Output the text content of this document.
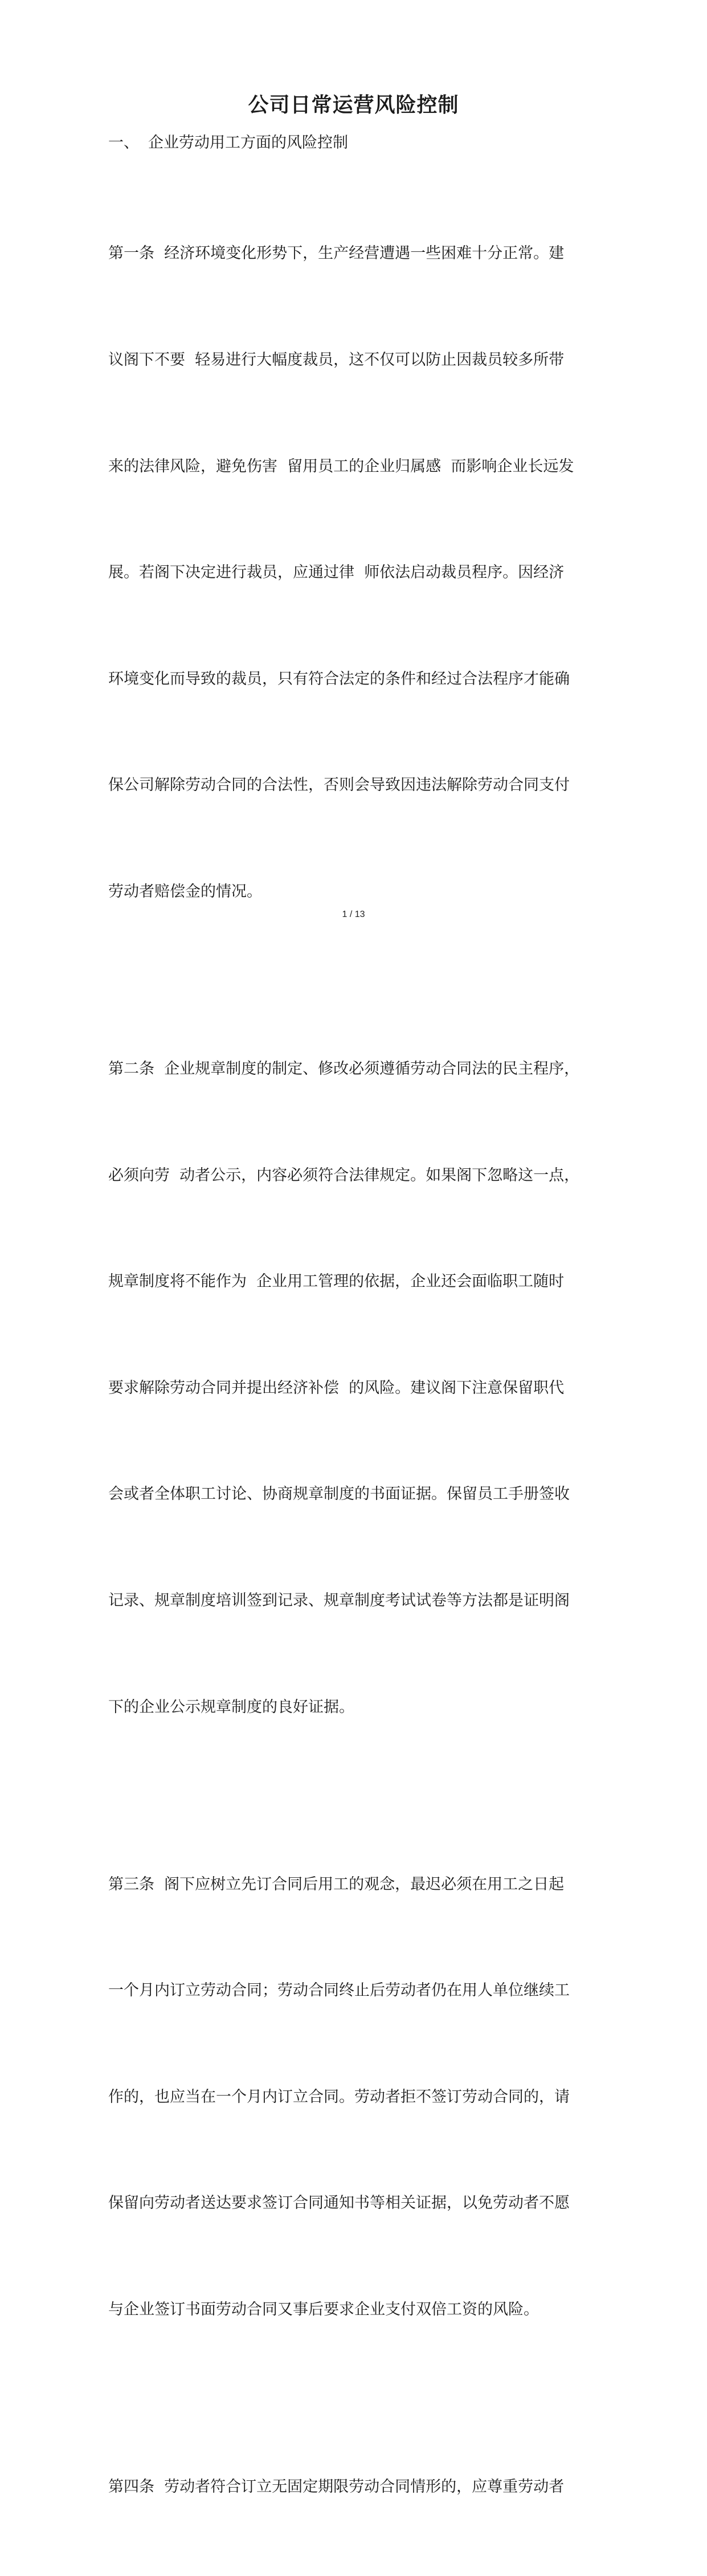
公司日常运营风险控制
一、 企业劳动用工方面的风险控制

第一条  经济环境变化形势下，生产经营遭遇一些困难十分正常。建

议阁下不要  轻易进行大幅度裁员，这不仅可以防止因裁员较多所带

来的法律风险，避免伤害  留用员工的企业归属感  而影响企业长远发

展。若阁下决定进行裁员，应通过律  师依法启动裁员程序。因经济

环境变化而导致的裁员，只有符合法定的条件和经过合法程序才能确

保公司解除劳动合同的合法性，否则会导致因违法解除劳动合同支付

劳动者赔偿金的情况。

第二条  企业规章制度的制定、修改必须遵循劳动合同法的民主程序，

必须向劳  动者公示，内容必须符合法律规定。如果阁下忽略这一点，

规章制度将不能作为  企业用工管理的依据，企业还会面临职工随时

要求解除劳动合同并提出经济补偿  的风险。建议阁下注意保留职代

会或者全体职工讨论、协商规章制度的书面证据。保留员工手册签收

记录、规章制度培训签到记录、规章制度考试试卷等方法都是证明阁

下的企业公示规章制度的良好证据。

第三条  阁下应树立先订合同后用工的观念，最迟必须在用工之日起

一个月内订立劳动合同；劳动合同终止后劳动者仍在用人单位继续工

作的，也应当在一个月内订立合同。劳动者拒不签订劳动合同的，请

保留向劳动者送达要求签订合同通知书等相关证据，以免劳动者不愿

与企业签订书面劳动合同又事后要求企业支付双倍工资的风险。

第四条  劳动者符合订立无固定期限劳动合同情形的，应尊重劳动者

1 / 13
